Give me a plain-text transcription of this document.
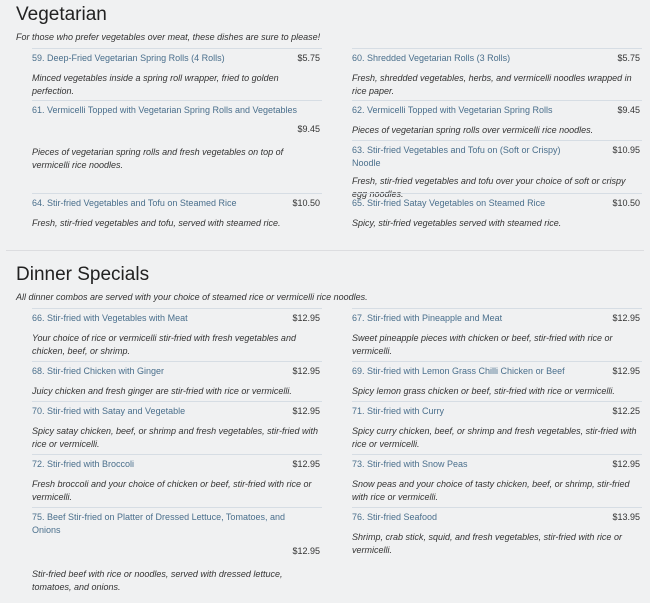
Vegetarian
For those who prefer vegetables over meat, these dishes are sure to please!
59. Deep-Fried Vegetarian Spring Rolls (4 Rolls)	$5.75
Minced vegetables inside a spring roll wrapper, fried to golden perfection.
60. Shredded Vegetarian Rolls (3 Rolls)	$5.75
Fresh, shredded vegetables, herbs, and vermicelli noodles wrapped in rice paper.
61. Vermicelli Topped with Vegetarian Spring Rolls and Vegetables
$9.45
Pieces of vegetarian spring rolls and fresh vegetables on top of vermicelli rice noodles.
62. Vermicelli Topped with Vegetarian Spring Rolls	$9.45
Pieces of vegetarian spring rolls over vermicelli rice noodles.
63. Stir-fried Vegetables and Tofu on (Soft or Crispy) Noodle
$10.95
Fresh, stir-fried vegetables and tofu over your choice of soft or crispy egg noodles.
64. Stir-fried Vegetables and Tofu on Steamed Rice	$10.50
Fresh, stir-fried vegetables and tofu, served with steamed rice.
65. Stir-fried Satay Vegetables on Steamed Rice	$10.50
Spicy, stir-fried vegetables served with steamed rice.
Dinner Specials
All dinner combos are served with your choice of steamed rice or vermicelli rice noodles.
66. Stir-fried with Vegetables with Meat	$12.95
Your choice of rice or vermicelli stir-fried with fresh vegetables and chicken, beef, or shrimp.
67. Stir-fried with Pineapple and Meat	$12.95
Sweet pineapple pieces with chicken or beef, stir-fried with rice or vermicelli.
68. Stir-fried Chicken with Ginger	$12.95
Juicy chicken and fresh ginger are stir-fried with rice or vermicelli.
69. Stir-fried with Lemon Grass Chilli Chicken or Beef	$12.95
Spicy lemon grass chicken or beef, stir-fried with rice or vermicelli.
70. Stir-fried with Satay and Vegetable	$12.95
Spicy satay chicken, beef, or shrimp and fresh vegetables, stir-fried with rice or vermicelli.
71. Stir-fried with Curry	$12.25
Spicy curry chicken, beef, or shrimp and fresh vegetables, stir-fried with rice or vermicelli.
72. Stir-fried with Broccoli	$12.95
Fresh broccoli and your choice of chicken or beef, stir-fried with rice or vermicelli.
73. Stir-fried with Snow Peas	$12.95
Snow peas and your choice of tasty chicken, beef, or shrimp, stir-fried with rice or vermicelli.
75. Beef Stir-fried on Platter of Dressed Lettuce, Tomatoes, and Onions
$12.95
Stir-fried beef with rice or noodles, served with dressed lettuce, tomatoes, and onions.
76. Stir-fried Seafood	$13.95
Shrimp, crab stick, squid, and fresh vegetables, stir-fried with rice or vermicelli.
